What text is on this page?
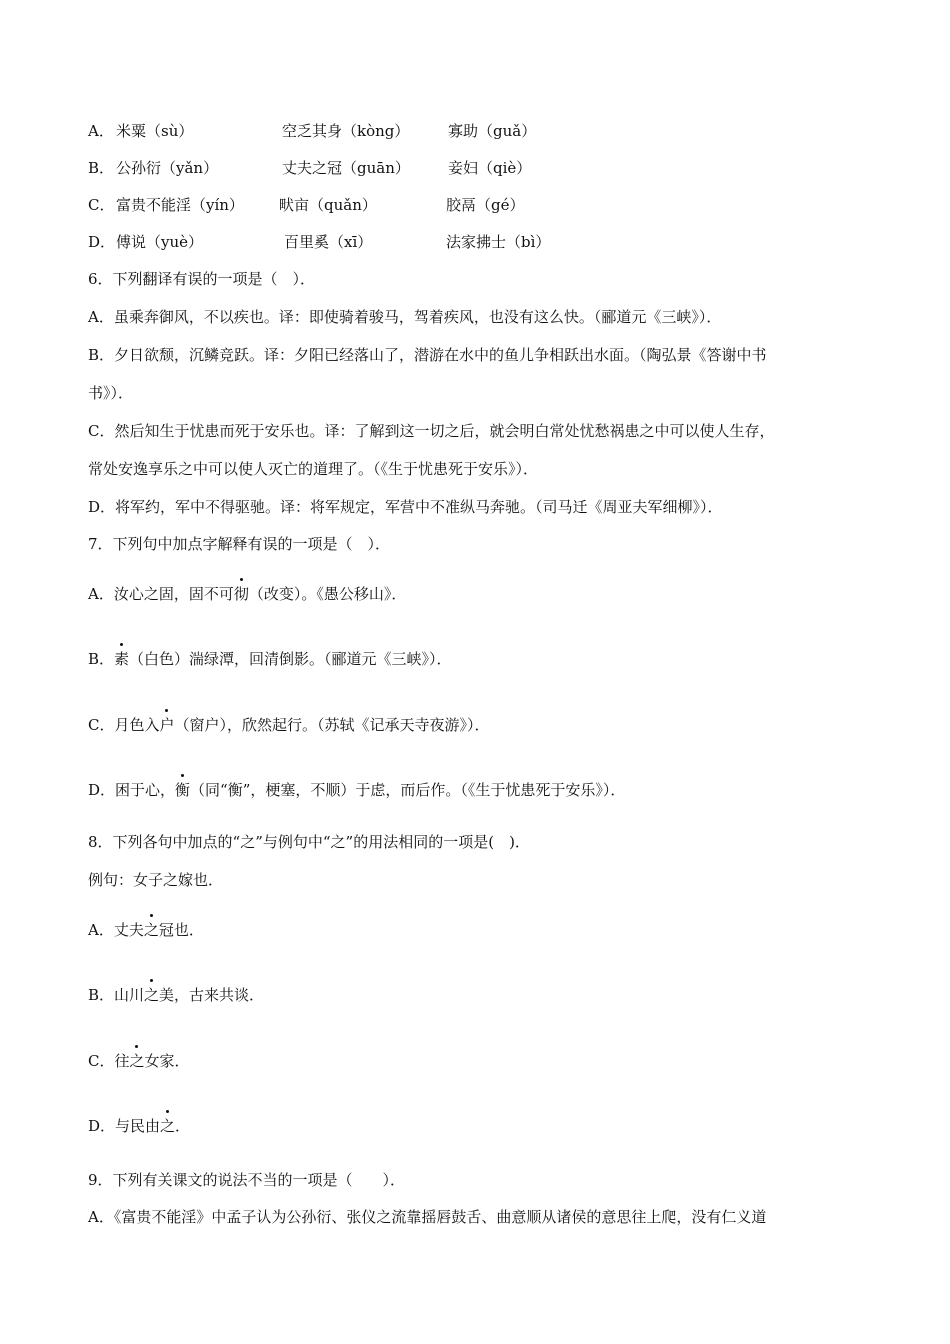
A． 米粟（sù）	空乏其身（kòng）	寡助（guǎ）
B． 公孙衍（yǎn）	丈夫之冠（guān）	妾妇（qiè）
C． 富贵不能淫（yín） 畎亩（quǎn）	胶鬲（gé）
D． 傅说（yuè）	百里奚（xī）	法家拂士（bì）
6．下列翻译有误的一项是（　）．
A．虽乘奔御风，不以疾也。译：即使骑着骏马，驾着疾风，也没有这么快。（郦道元《三峡》）．
B．夕日欲颓，沉鳞竞跃。译：夕阳已经落山了，潜游在水中的鱼儿争相跃出水面。（陶弘景《答谢中书
书》）．
C．然后知生于忧患而死于安乐也。译：了解到这一切之后，就会明白常处忧愁祸患之中可以使人生存，
常处安逸享乐之中可以使人灭亡的道理了。（《生于忧患死于安乐》）．
D．将军约，军中不得驱驰。译：将军规定，军营中不准纵马奔驰。（司马迁《周亚夫军细柳》）．
7．下列句中加点字解释有误的一项是（　）．
A．汝心之固，固不可彻（改变）。《愚公移山》．
B．素（白色）湍绿潭，回清倒影。（郦道元《三峡》）．
C．月色入户（窗户），欣然起行。（苏轼《记承天寺夜游》）．
D．困于心，衡（同“衡”，梗塞，不顺）于虑，而后作。（《生于忧患死于安乐》）．
8．下列各句中加点的“之”与例句中“之”的用法相同的一项是(　)．
例句：女子之嫁也．
A．丈夫之冠也．
B．山川之美，古来共谈．
C．往之女家．
D．与民由之．
9．下列有关课文的说法不当的一项是（　　）．
A．《富贵不能淫》中孟子认为公孙衍、张仪之流靠摇唇鼓舌、曲意顺从诸侯的意思往上爬，没有仁义道
